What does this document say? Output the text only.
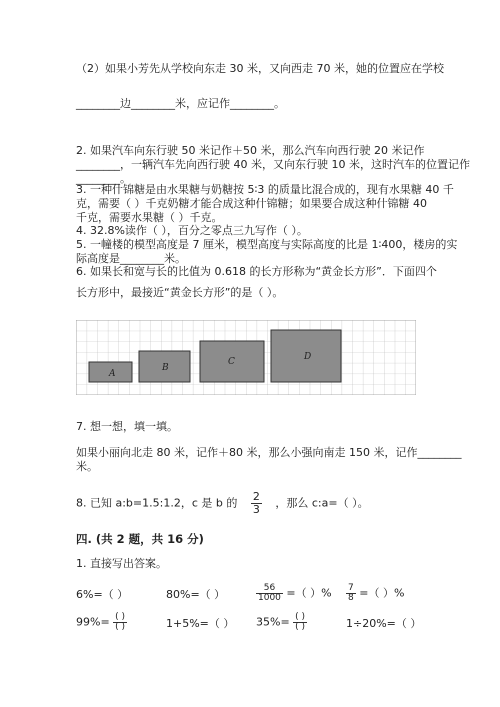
（2）如果小芳先从学校向东走 30 米，又向西走 70 米，她的位置应在学校
________边________米，应记作________。
2. 如果汽车向东行驶 50 米记作＋50 米，那么汽车向西行驶 20 米记作
________，一辆汽车先向西行驶 40 米，又向东行驶 10 米，这时汽车的位置记作
________。
3. 一种什锦糖是由水果糖与奶糖按 5∶3 的质量比混合成的，现有水果糖 40 千
克，需要（ ）千克奶糖才能合成这种什锦糖；如果要合成这种什锦糖 40
千克，需要水果糖（ ）千克。
4. 32.8%读作（ ），百分之零点三九写作（ ）。
5. 一幢楼的模型高度是 7 厘米，模型高度与实际高度的比是 1∶400，楼房的实
际高度是________米。
6. 如果长和宽与长的比值为 0.618 的长方形称为“黄金长方形”．下面四个
长方形中，最接近“黄金长方形”的是（ ）。
A
B
C	D
7. 想一想，填一填。
如果小丽向北走 80 米，记作＋80 米，那么小强向南走 150 米，记作________
米。
8. 已知 a:b=1.5:1.2，c 是 b 的 $\frac{2}{3}$ ，那么 c:a=（ ）。
四. (共 2 题，共 16 分)
1. 直接写出答案。
6%=（ ）	80%=（ ）	$\frac{56}{1000}$ =（ ）% $\frac{7}{8}$ =（ ）%
$99\%= \frac{( )}{( )}$	1+5%=（ ） $35\%= \frac{( )}{( )}$	1÷20%=（ ）
